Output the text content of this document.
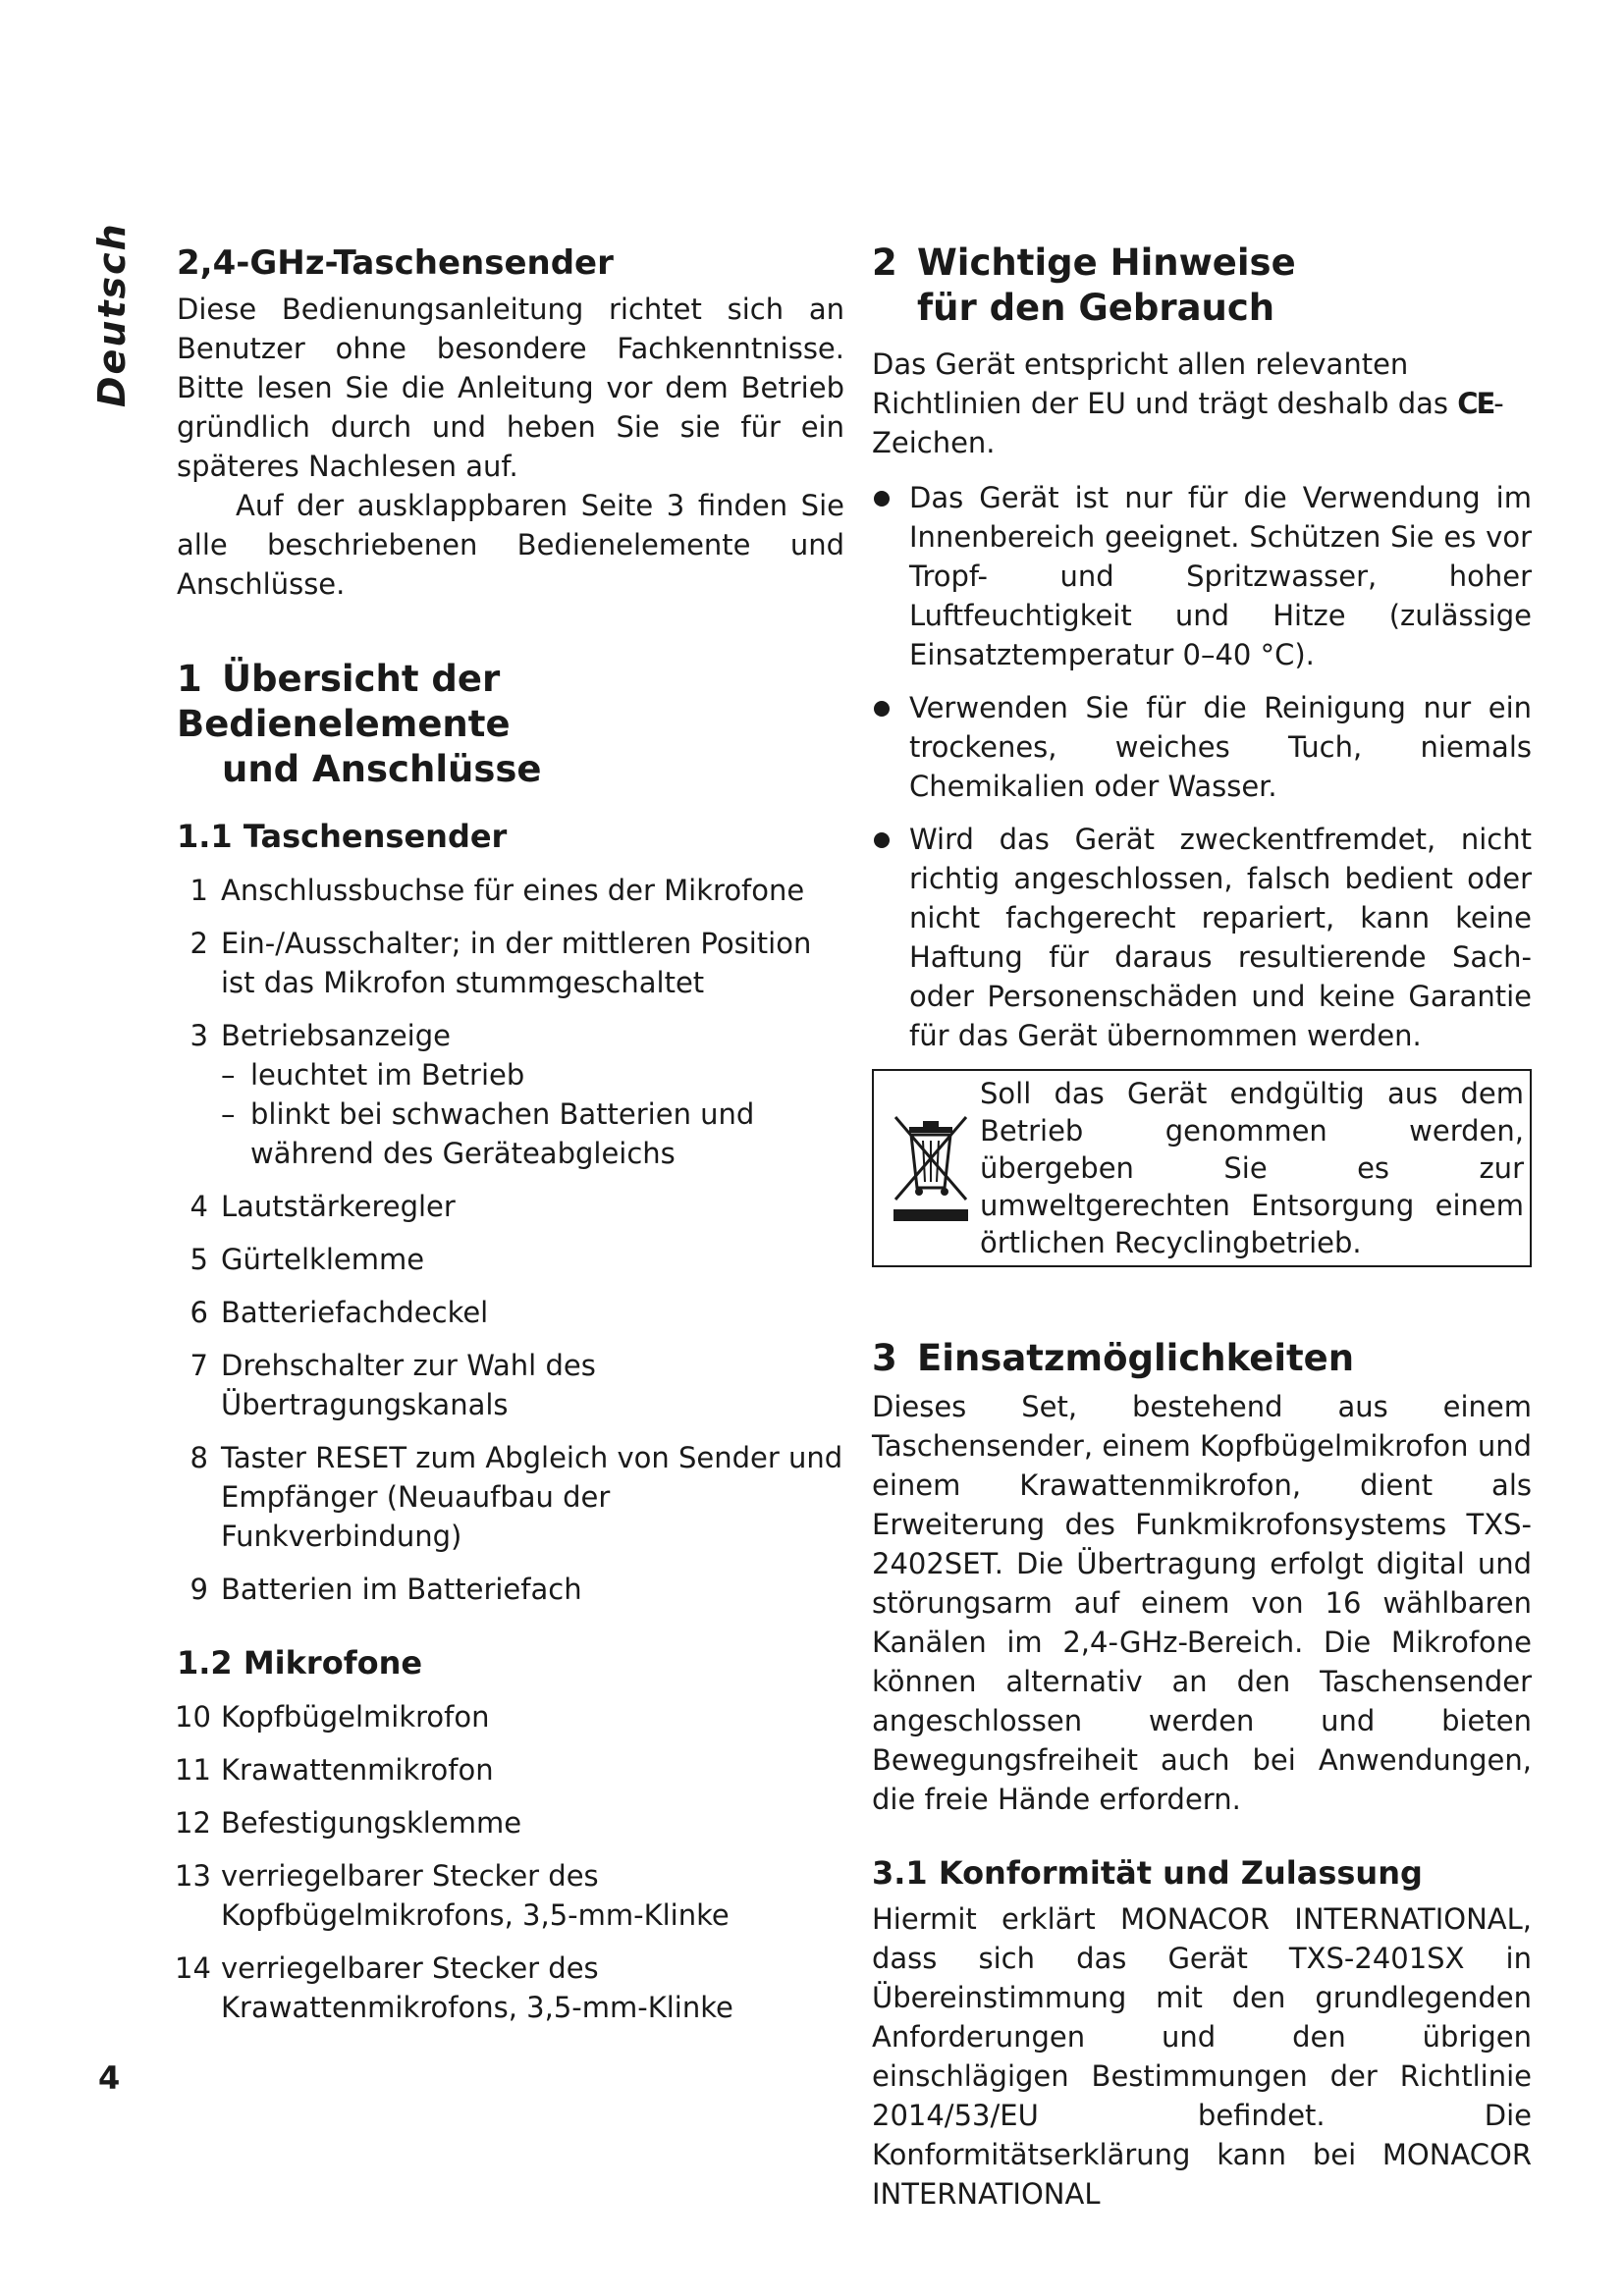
Deutsch
4
2,4-GHz-Taschensender

Diese Bedienungsanleitung richtet sich an Benutzer ohne besondere Fachkenntnisse. Bitte lesen Sie die Anleitung vor dem Betrieb gründlich durch und heben Sie sie für ein späteres Nachlesen auf.

Auf der ausklappbaren Seite 3 finden Sie alle beschriebenen Bedienelemente und Anschlüsse.

1 Übersicht der Bedienelemente
und Anschlüsse
1.1 Taschensender
1 Anschlussbuchse für eines der Mikrofone
2 Ein-/Ausschalter; in der mittleren Position ist das Mikrofon stummgeschaltet
3 Betriebsanzeige
– leuchtet im Betrieb
– blinkt bei schwachen Batterien und während des Geräteabgleichs
4 Lautstärkeregler
5 Gürtelklemme
6 Batteriefachdeckel
7 Drehschalter zur Wahl des Übertragungskanals
8 Taster RESET zum Abgleich von Sender und Empfänger (Neuaufbau der Funkverbindung)
9 Batterien im Batteriefach
1.2 Mikrofone
10 Kopfbügelmikrofon
11 Krawattenmikrofon
12 Befestigungsklemme
13 verriegelbarer Stecker des Kopfbügelmikrofons, 3,5-mm-Klinke
14 verriegelbarer Stecker des Krawattenmikrofons, 3,5-mm-Klinke
2 Wichtige Hinweise
für den Gebrauch

Das Gerät entspricht allen relevanten Richtlinien der EU und trägt deshalb das CE-Zeichen.

Das Gerät ist nur für die Verwendung im Innenbereich geeignet. Schützen Sie es vor Tropf- und Spritzwasser, hoher Luftfeuchtigkeit und Hitze (zulässige Einsatztemperatur 0–40 °C).
Verwenden Sie für die Reinigung nur ein trockenes, weiches Tuch, niemals Chemikalien oder Wasser.
Wird das Gerät zweckentfremdet, nicht richtig angeschlossen, falsch bedient oder nicht fachgerecht repariert, kann keine Haftung für daraus resultierende Sach- oder Personenschäden und keine Garantie für das Gerät übernommen werden.
Soll das Gerät endgültig aus dem Betrieb genommen werden, übergeben Sie es zur umweltgerechten Entsorgung einem örtlichen Recyclingbetrieb.
3 Einsatzmöglichkeiten

Dieses Set, bestehend aus einem Taschensender, einem Kopfbügelmikrofon und einem Krawattenmikrofon, dient als Erweiterung des Funkmikrofonsystems TXS-2402SET. Die Übertragung erfolgt digital und störungsarm auf einem von 16 wählbaren Kanälen im 2,4-GHz-Bereich. Die Mikrofone können alternativ an den Taschensender angeschlossen werden und bieten Bewegungsfreiheit auch bei Anwendungen, die freie Hände erfordern.

3.1 Konformität und Zulassung

Hiermit erklärt MONACOR INTERNATIONAL, dass sich das Gerät TXS-2401SX in Übereinstimmung mit den grundlegenden Anforderungen und den übrigen einschlägigen Bestimmungen der Richtlinie 2014/53/EU befindet. Die Konformitätserklärung kann bei MONACOR INTERNATIONAL
